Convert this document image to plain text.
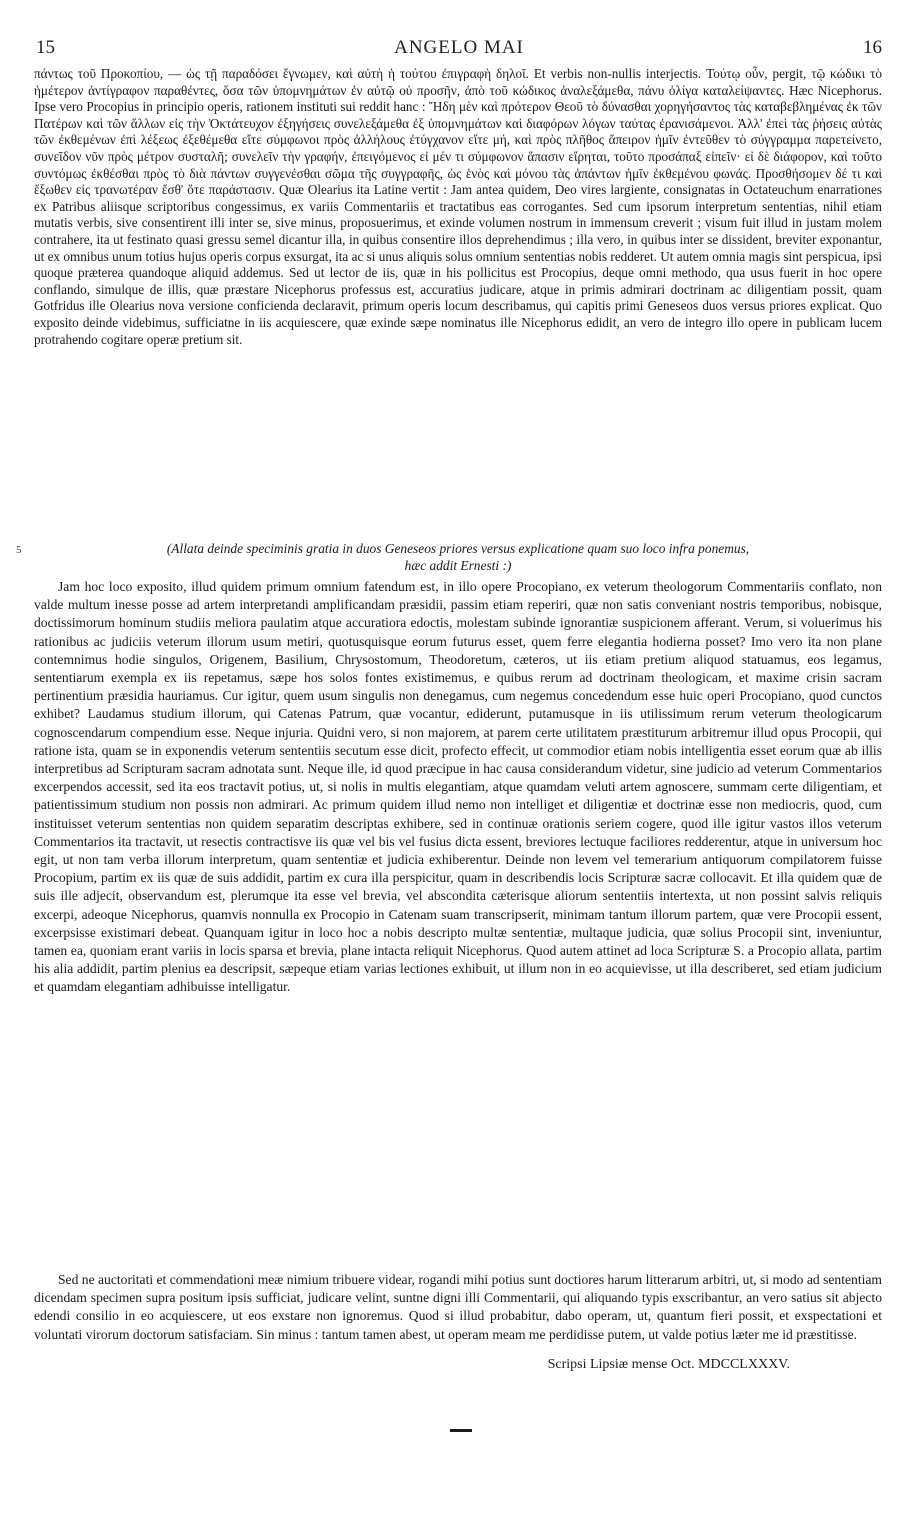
15	ANGELO MAI	16

πάντως τοῦ Προκοπίου, — ὡς τῇ παραδόσει ἔγνωμεν, καὶ αὐτὴ ἡ τούτου ἐπιγραφὴ δηλοῖ. Et verbis non-nullis interjectis. Τούτῳ οὖν, pergit, τῷ κώδικι τὸ ἡμέτερον ἀντίγραφον παραθέντες, ὅσα τῶν ὑπομνημάτων ἐν αὐτῷ οὐ προσῆν, ἀπὸ τοῦ κώδικος ἀναλεξάμεθα, πάνυ ὀλίγα καταλείψαντες. Hæc Nicephorus. Ipse vero Procopius in principio operis, rationem instituti sui reddit hanc : Ἤδη μὲν καὶ πρότερον Θεοῦ τὸ δύνασθαι χορηγήσαντος τὰς καταβεβλημένας ἐκ τῶν Πατέρων καὶ τῶν ἄλλων εἰς τὴν Ὀκτάτευχον ἐξηγήσεις συνελεξάμεθα ἐξ ὑπομνημάτων καὶ διαφόρων λόγων ταύτας ἐρανισάμενοι. Ἀλλ' ἐπεὶ τὰς ῥήσεις αὐτὰς τῶν ἐκθεμένων ἐπὶ λέξεως ἐξεθέμεθα εἴτε σύμφωνοι πρὸς ἀλλήλους ἐτύγχανον εἴτε μή, καὶ πρὸς πλῆθος ἄπειρον ἡμῖν ἐντεῦθεν τὸ σύγγραμμα παρετείνετο, συνεῖδον νῦν πρὸς μέτρον συσταλῆ; συνελεῖν τὴν γραφήν, ἐπειγόμενος εἰ μέν τι σύμφωνον ἅπασιν εἴρηται, τοῦτο προσάπαξ εἰπεῖν· εἰ δὲ διάφορον, καὶ τοῦτο συντόμως ἐκθέσθαι πρὸς τὸ διὰ πάντων συγγενέσθαι σῶμα τῆς συγγραφῆς, ὡς ἑνὸς καὶ μόνου τὰς ἁπάντων ἡμῖν ἐκθεμένου φωνάς. Προσθήσομεν δέ τι καὶ ἔξωθεν εἰς τρανωτέραν ἔσθ' ὅτε παράστασιν. Quæ Olearius ita Latine vertit : Jam antea quidem, Deo vires largiente, consignatas in Octateuchum enarrationes ex Patribus aliisque scriptoribus congessimus, ex variis Commentariis et tractatibus eas corrogantes. Sed cum ipsorum interpretum sententias, nihil etiam mutatis verbis, sive consentirent illi inter se, sive minus, proposuerimus, et exinde volumen nostrum in immensum creverit ; visum fuit illud in justam molem contrahere, ita ut festinato quasi gressu semel dicantur illa, in quibus consentire illos deprehendimus ; illa vero, in quibus inter se dissident, breviter exponantur, ut ex omnibus unum totius hujus operis corpus exsurgat, ita ac si unus aliquis solus omnium sententias nobis redderet. Ut autem omnia magis sint perspicua, ipsi quoque præterea quandoque aliquid addemus. Sed ut lector de iis, quæ in his pollicitus est Procopius, deque omni methodo, qua usus fuerit in hoc opere conflando, simulque de illis, quæ præstare Nicephorus professus est, accuratius judicare, atque in primis admirari doctrinam ac diligentiam possit, quam Gotfridus ille Olearius nova versione conficienda declaravit, primum operis locum describamus, qui capitis primi Geneseos duos versus priores explicat. Quo exposito deinde videbimus, sufficiatne in iis acquiescere, quæ exinde sæpe nominatus ille Nicephorus edidit, an vero de integro illo opere in publicam lucem protrahendo cogitare operæ pretium sit.

5	(Allata deinde speciminis gratia in duos Geneseos priores versus explicatione quam suo loco infra ponemus,

hæc addit Ernesti :)

Jam hoc loco exposito, illud quidem primum omnium fatendum est, in illo opere Procopiano, ex veterum theologorum Commentariis conflato, non valde multum inesse posse ad artem interpretandi amplificandam præsidii, passim etiam reperiri, quæ non satis conveniant nostris temporibus, nobisque, doctissimorum hominum studiis meliora paulatim atque accuratiora edoctis, molestam subinde ignorantiæ suspicionem afferant. Verum, si voluerimus his rationibus ac judiciis veterum illorum usum metiri, quotusquisque eorum futurus esset, quem ferre elegantia hodierna posset? Imo vero ita non plane contemnimus hodie singulos, Origenem, Basilium, Chrysostomum, Theodoretum, cæteros, ut iis etiam pretium aliquod statuamus, eos legamus, sententiarum exempla ex iis repetamus, sæpe hos solos fontes existimemus, e quibus rerum ad doctrinam theologicam, et maxime crisin sacram pertinentium præsidia hauriamus. Cur igitur, quem usum singulis non denegamus, cum negemus concedendum esse huic operi Procopiano, quod cunctos exhibet? Laudamus studium illorum, qui Catenas Patrum, quæ vocantur, ediderunt, putamusque in iis utilissimum rerum veterum theologicarum cognoscendarum compendium esse. Neque injuria. Quidni vero, si non majorem, at parem certe utilitatem præstiturum arbitremur illud opus Procopii, qui ratione ista, quam se in exponendis veterum sententiis secutum esse dicit, profecto effecit, ut commodior etiam nobis intelligentia esset eorum quæ ab illis interpretibus ad Scripturam sacram adnotata sunt. Neque ille, id quod præcipue in hac causa considerandum videtur, sine judicio ad veterum Commentarios excerpendos accessit, sed ita eos tractavit potius, ut, si nolis in multis elegantiam, atque quamdam veluti artem agnoscere, summam certe diligentiam, et patientissimum studium non possis non admirari. Ac primum quidem illud nemo non intelliget et diligentiæ et doctrinæ esse non mediocris, quod, cum instituisset veterum sententias non quidem separatim descriptas exhibere, sed in continuæ orationis seriem cogere, quod ille igitur vastos illos veterum Commentarios ita tractavit, ut resectis contractisve iis quæ vel bis vel fusius dicta essent, breviores lectuque faciliores redderentur, atque in universum hoc egit, ut non tam verba illorum interpretum, quam sententiæ et judicia exhiberentur. Deinde non levem vel temerarium antiquorum compilatorem fuisse Procopium, partim ex iis quæ de suis addidit, partim ex cura illa perspicitur, quam in describendis locis Scripturæ sacræ collocavit. Et illa quidem quæ de suis ille adjecit, observandum est, plerumque ita esse vel brevia, vel abscondita cæterisque aliorum sententiis intertexta, ut non possint salvis reliquis excerpi, adeoque Nicephorus, quamvis nonnulla ex Procopio in Catenam suam transcripserit, minimam tantum illorum partem, quæ vere Procopii essent, excerpsisse existimari debeat. Quanquam igitur in loco hoc a nobis descripto multæ sententiæ, multaque judicia, quæ solius Procopii sint, inveniuntur, tamen ea, quoniam erant variis in locis sparsa et brevia, plane intacta reliquit Nicephorus. Quod autem attinet ad loca Scripturæ S. a Procopio allata, partim his alia addidit, partim plenius ea descripsit, sæpeque etiam varias lectiones exhibuit, ut illum non in eo acquievisse, ut illa describeret, sed etiam judicium et quamdam elegantiam adhibuisse intelligatur.

Sed ne auctoritati et commendationi meæ nimium tribuere videar, rogandi mihi potius sunt doctiores harum litterarum arbitri, ut, si modo ad sententiam dicendam specimen supra positum ipsis sufficiat, judicare velint, suntne digni illi Commentarii, qui aliquando typis exscribantur, an vero satius sit abjecto edendi consilio in eo acquiescere, ut eos exstare non ignoremus. Quod si illud probabitur, dabo operam, ut, quantum fieri possit, et exspectationi et voluntati virorum doctorum satisfaciam. Sin minus : tantum tamen abest, ut operam meam me perdidisse putem, ut valde potius læter me id præstitisse.

Scripsi Lipsiæ mense Oct. MDCCLXXXV.
